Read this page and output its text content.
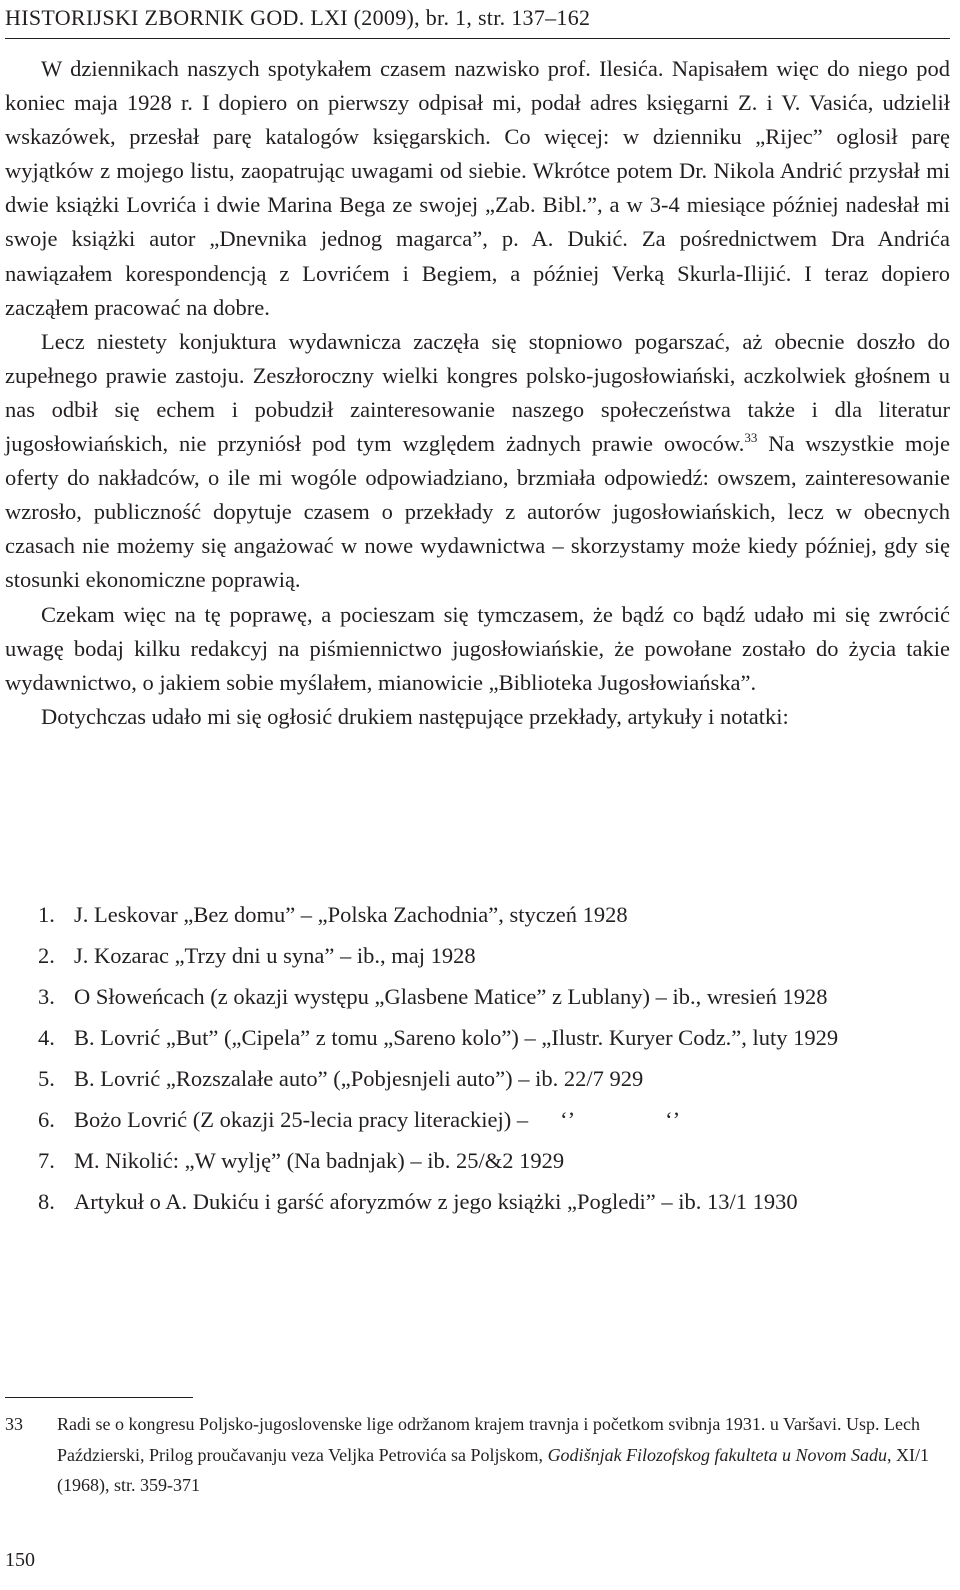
HISTORIJSKI ZBORNIK GOD. LXI (2009), br. 1, str. 137–162

W dziennikach naszych spotykałem czasem nazwisko prof. Ilesića. Napisałem więc do niego pod koniec maja 1928 r. I dopiero on pierwszy odpisał mi, podał adres księgarni Z. i V. Vasića, udzielił wskazówek, przesłał parę katalogów księgarskich. Co więcej: w dzienniku „Rijec” oglosił parę wyjątków z mojego listu, zaopatrując uwagami od siebie. Wkrótce potem Dr. Nikola Andrić przysłał mi dwie książki Lovrića i dwie Marina Bega ze swojej „Zab. Bibl.”, a w 3-4 miesiące później nadesłał mi swoje książki autor „Dnevnika jednog magarca”, p. A. Dukić. Za pośrednictwem Dra Andrića nawiązałem korespondencją z Lovrićem i Begiem, a później Verką Skurla-Ilijić. I teraz dopiero zacząłem pracować na dobre.

Lecz niestety konjuktura wydawnicza zaczęła się stopniowo pogarszać, aż obecnie doszło do zupełnego prawie zastoju. Zeszłoroczny wielki kongres polsko-jugosłowiański, aczkolwiek głośnem u nas odbił się echem i pobudził zainteresowanie naszego społeczeństwa także i dla literatur jugosłowiańskich, nie przyniósł pod tym względem żadnych prawie owoców.$^{33}$ Na wszystkie moje oferty do nakładców, o ile mi wogóle odpowiadziano, brzmiała odpowiedź: owszem, zainteresowanie wzrosło, publiczność dopytuje czasem o przekłady z autorów jugosłowiańskich, lecz w obecnych czasach nie możemy się angażować w nowe wydawnictwa – skorzystamy może kiedy później, gdy się stosunki ekonomiczne poprawią.

Czekam więc na tę poprawę, a pocieszam się tymczasem, że bądź co bądź udało mi się zwrócić uwagę bodaj kilku redakcyj na piśmiennictwo jugosłowiańskie, że powołane zostało do życia takie wydawnictwo, o jakiem sobie myślałem, mianowicie „Biblioteka Jugosłowiańska”.

Dotychczas udało mi się ogłosić drukiem następujące przekłady, artykuły i notatki:

1. J. Leskovar „Bez domu” – „Polska Zachodnia”, styczeń 1928
2. J. Kozarac „Trzy dni u syna” – ib., maj 1928
3. O Słoweńcach (z okazji występu „Glasbene Matice” z Lublany) – ib., wresień 1928
4. B. Lovrić „But” („Cipela” z tomu „Sareno kolo”) – „Ilustr. Kuryer Codz.”, luty 1929
5. B. Lovrić „Rozszalałe auto” („Pobjesnjeli auto”) – ib. 22/7 929
6. Bożo Lovrić (Z okazji 25-lecia pracy literackiej) – ‘’	‘’
7. M. Nikolić: „W wylję” (Na badnjak) – ib. 25/&2 1929
8. Artykuł o A. Dukiću i garść aforyzmów z jego książki „Pogledi” – ib. 13/1 1930
33 Radi se o kongresu Poljsko-jugoslovenske lige održanom krajem travnja i početkom svibnja 1931. u Varšavi. Usp. Lech Paździerski, Prilog proučavanju veza Veljka Petrovića sa Poljskom, Godišnjak Filozofskog fakulteta u Novom Sadu, XI/1 (1968), str. 359-371
150
